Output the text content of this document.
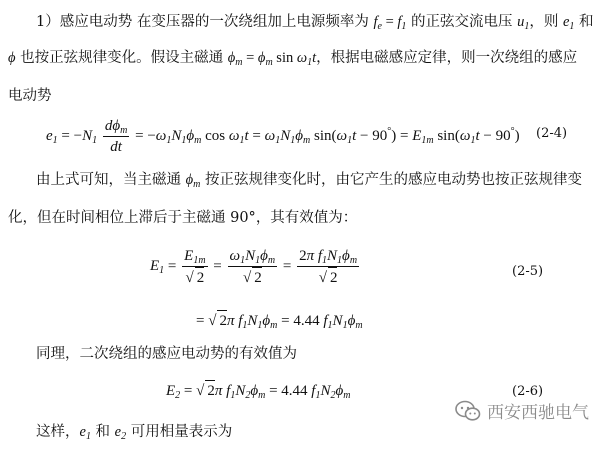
1）感应电动势 在变压器的一次绕组加上电源频率为 $f_e = f_1$ 的正弦交流电压 $u_1$，则 $e_1$ 和
ϕ 也按正弦规律变化。假设主磁通 $\phi_m = \phi_m$ $\sin \omega_1t$，根据电磁感应定律，则一次绕组的感应
电动势
$e_1 = -N_1 \frac{d\phi_m}{dt} = -\omega_1N_1\phi_m$ $\cos \omega_1t = \omega_1N_1\phi_m$ $\sin(\omega_1t - 90^\circ) = E_{1m}$ $\sin(\omega_1t - 90^\circ)$ (2-4)
由上式可知，当主磁通 $\phi_m$ 按正弦规律变化时，由它产生的感应电动势也按正弦规律变
化，但在时间相位上滞后于主磁通 90°，其有效值为：
$E_1 = \frac{E_{1m}}{√ 2} = \frac{\omega_1N_1\phi_m}{√ 2} = \frac{2\pi f_1N_1\phi_m}{√ 2}$	(2-5)
= √ 2π $f_1N_1\phi_m = 4.44$ $f_1N_1\phi_m$
同理，二次绕组的感应电动势的有效值为
$E_2$ = √ 2π $f_1N_2\phi_m = 4.44$ $f_1N_2\phi_m$	(2-6)
这样，$e_1$ 和 $e_2$ 可用相量表示为
西安西驰电气
